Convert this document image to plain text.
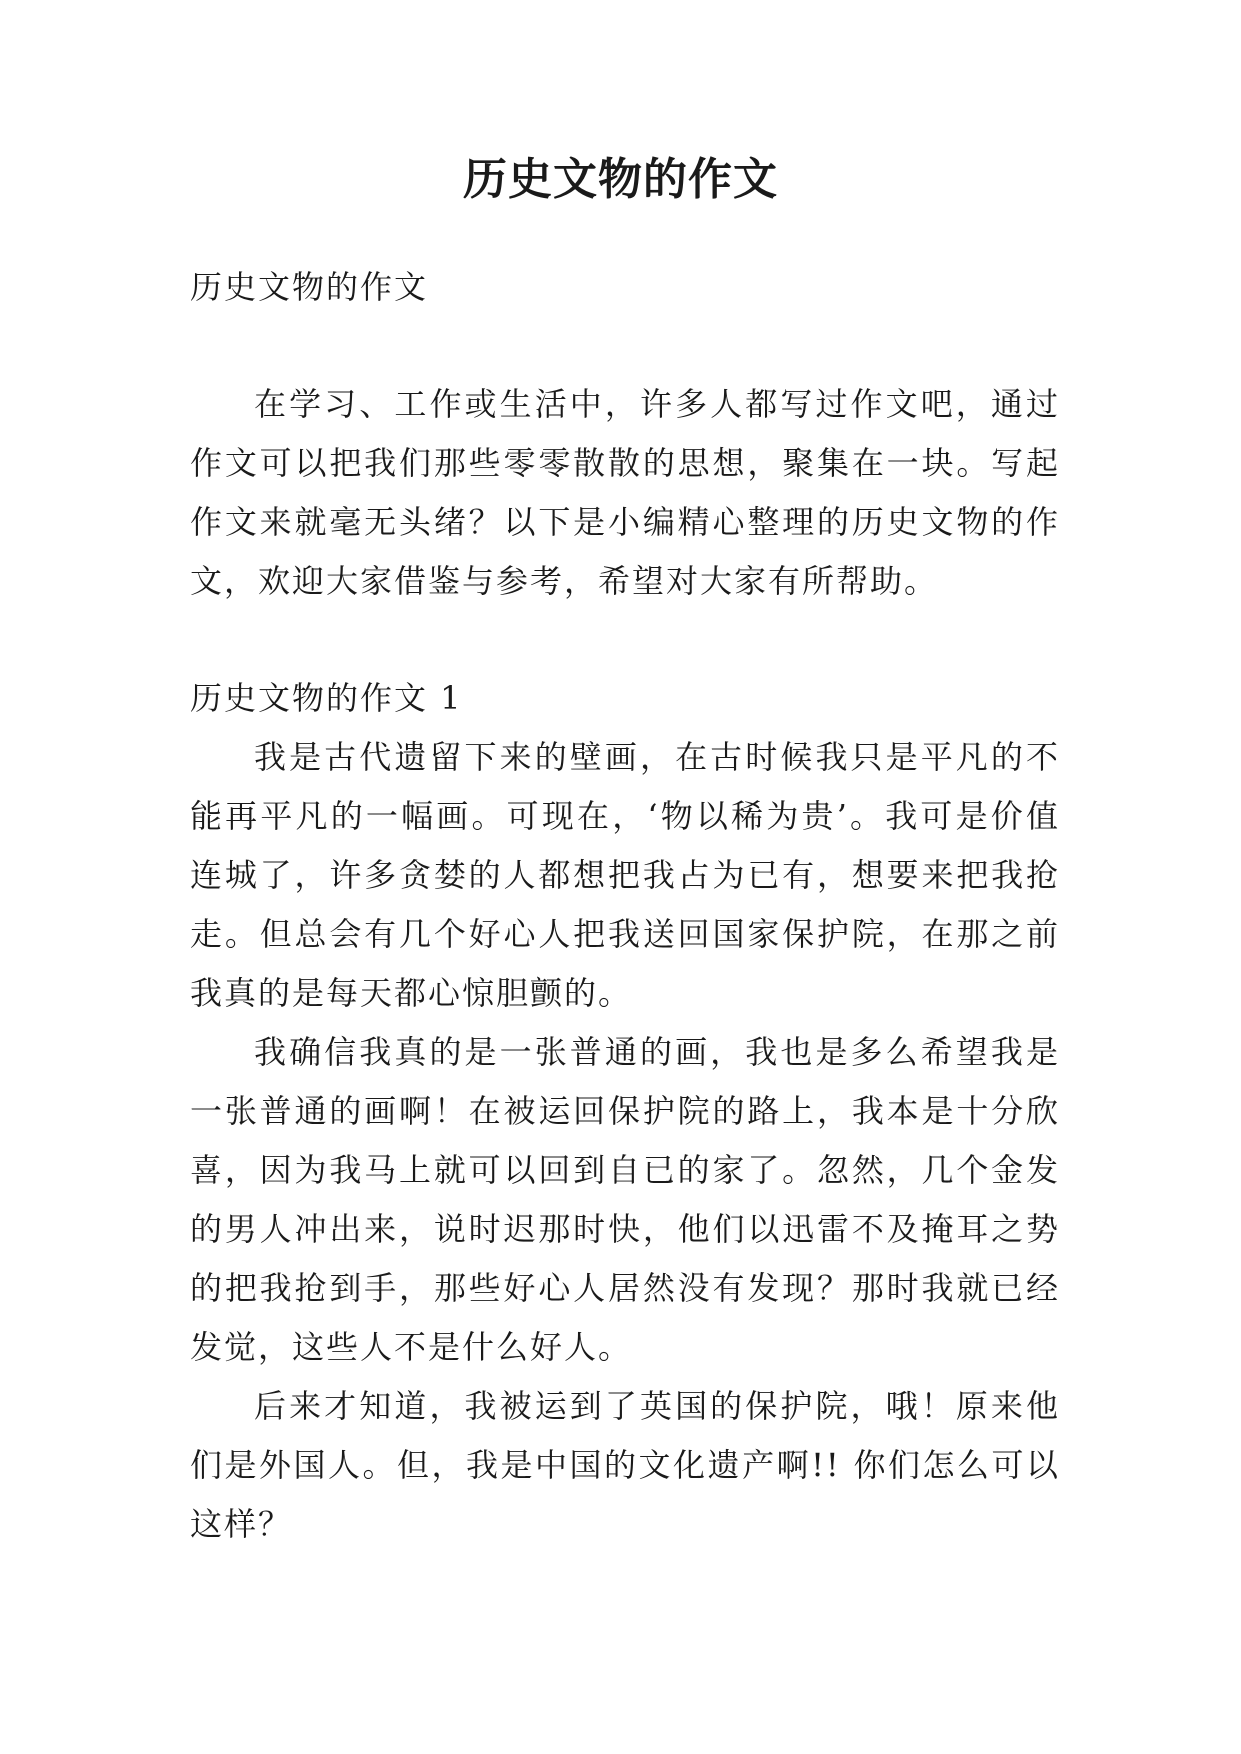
历史文物的作文

历史文物的作文

在学习、工作或生活中，许多人都写过作文吧，通过作文可以把我们那些零零散散的思想，聚集在一块。写起作文来就毫无头绪？以下是小编精心整理的历史文物的作文，欢迎大家借鉴与参考，希望对大家有所帮助。

历史文物的作文 1

我是古代遗留下来的壁画，在古时候我只是平凡的不能再平凡的一幅画。可现在，‘物以稀为贵’。我可是价值连城了，许多贪婪的人都想把我占为已有，想要来把我抢走。但总会有几个好心人把我送回国家保护院，在那之前我真的是每天都心惊胆颤的。

我确信我真的是一张普通的画，我也是多么希望我是一张普通的画啊！在被运回保护院的路上，我本是十分欣喜，因为我马上就可以回到自已的家了。忽然，几个金发的男人冲出来，说时迟那时快，他们以迅雷不及掩耳之势的把我抢到手，那些好心人居然没有发现？那时我就已经发觉，这些人不是什么好人。

后来才知道，我被运到了英国的保护院，哦！原来他们是外国人。但，我是中国的文化遗产啊!! 你们怎么可以这样？
